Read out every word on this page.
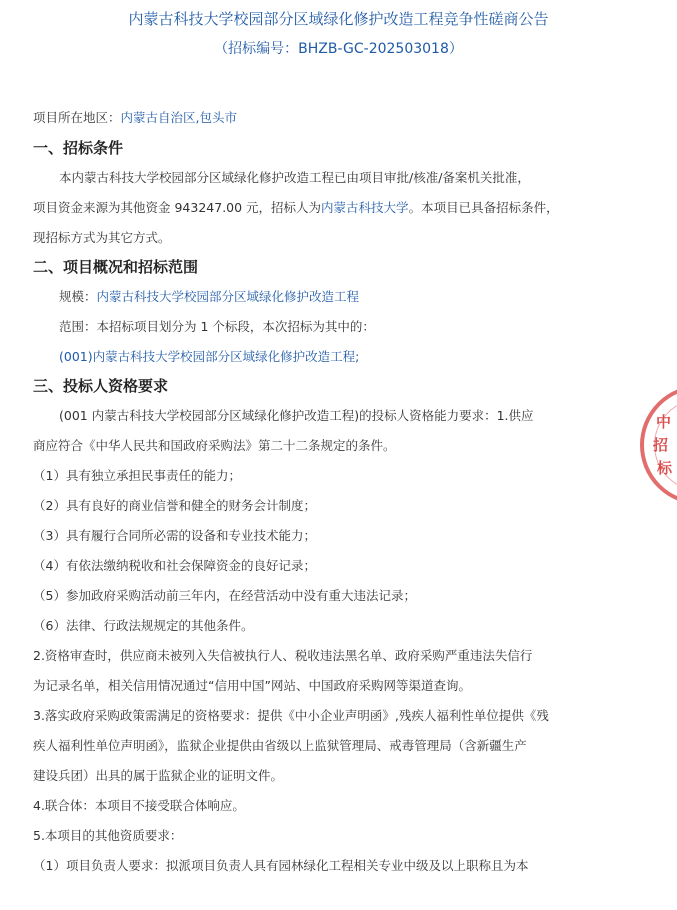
内蒙古科技大学校园部分区域绿化修护改造工程竞争性磋商公告
（招标编号：BHZB-GC-202503018）
项目所在地区：内蒙古自治区,包头市
一、招标条件
本内蒙古科技大学校园部分区域绿化修护改造工程已由项目审批/核准/备案机关批准，
项目资金来源为其他资金 943247.00 元，招标人为内蒙古科技大学。本项目已具备招标条件，
现招标方式为其它方式。
二、项目概况和招标范围
规模：内蒙古科技大学校园部分区域绿化修护改造工程
范围：本招标项目划分为 1 个标段，本次招标为其中的：
(001)内蒙古科技大学校园部分区域绿化修护改造工程;
三、投标人资格要求
(001 内蒙古科技大学校园部分区域绿化修护改造工程)的投标人资格能力要求：1.供应
商应符合《中华人民共和国政府采购法》第二十二条规定的条件。
（1）具有独立承担民事责任的能力；
（2）具有良好的商业信誉和健全的财务会计制度；
（3）具有履行合同所必需的设备和专业技术能力；
（4）有依法缴纳税收和社会保障资金的良好记录；
（5）参加政府采购活动前三年内，在经营活动中没有重大违法记录；
（6）法律、行政法规规定的其他条件。
2.资格审查时，供应商未被列入失信被执行人、税收违法黑名单、政府采购严重违法失信行
为记录名单，相关信用情况通过“信用中国”网站、中国政府采购网等渠道查询。
3.落实政府采购政策需满足的资格要求：提供《中小企业声明函》,残疾人福利性单位提供《残
疾人福利性单位声明函》，监狱企业提供由省级以上监狱管理局、戒毒管理局（含新疆生产
建设兵团）出具的属于监狱企业的证明文件。
4.联合体：本项目不接受联合体响应。
5.本项目的其他资质要求：
（1）项目负责人要求：拟派项目负责人具有园林绿化工程相关专业中级及以上职称且为本
中
招
标
